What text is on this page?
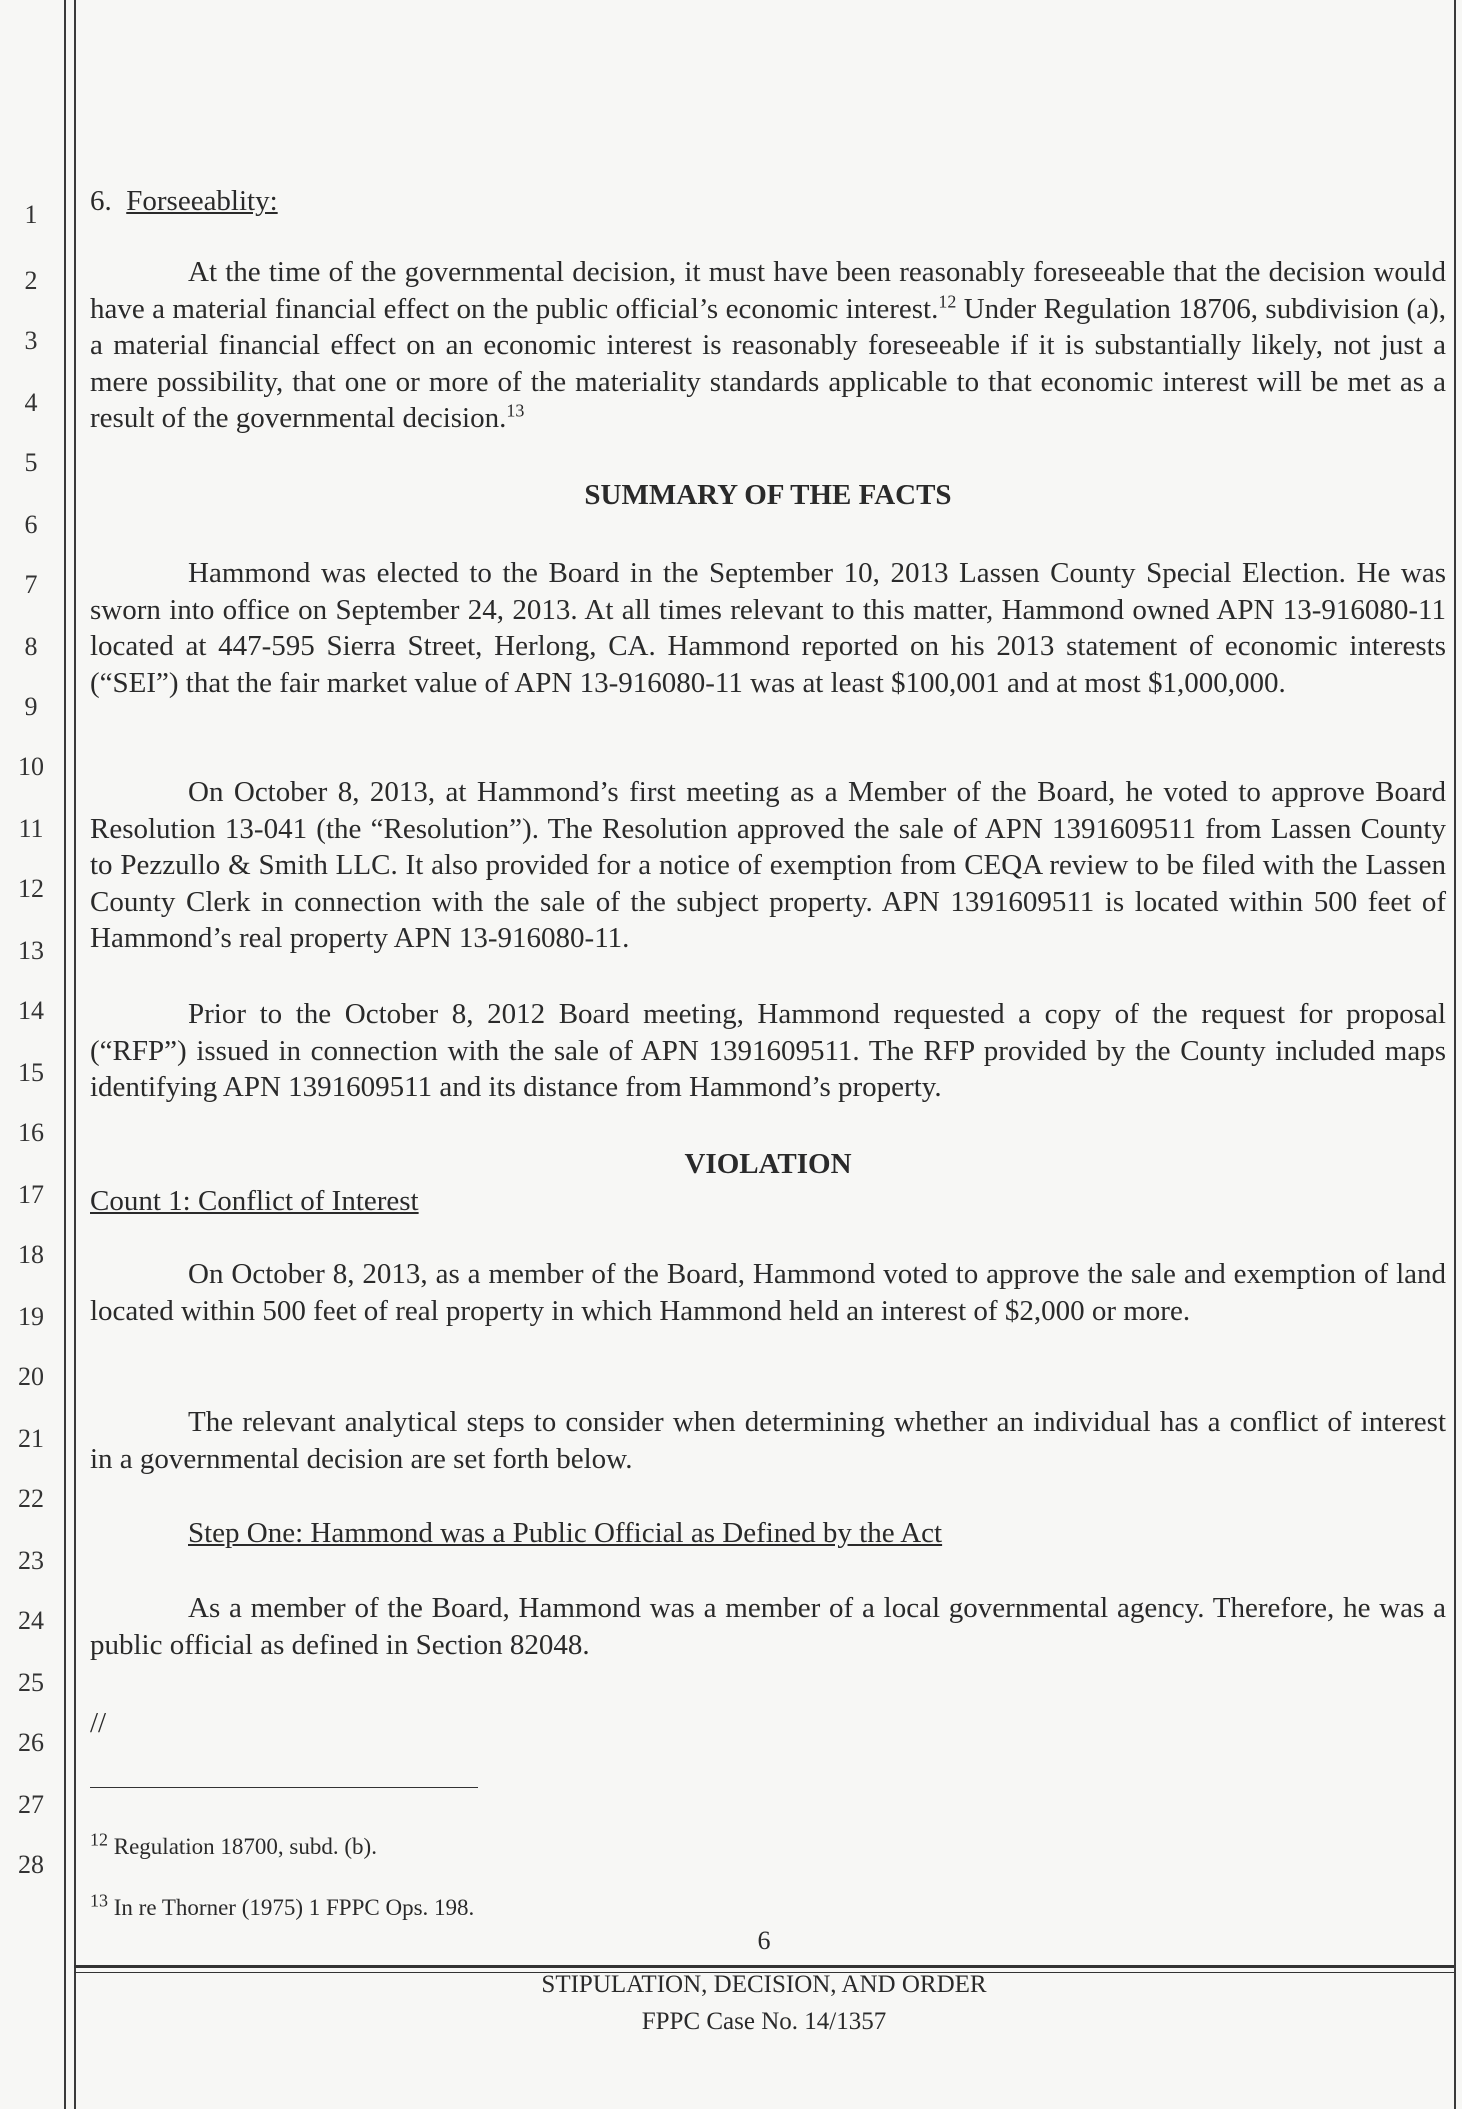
1
2
3
4
5
6
7
8
9
10
11
12
13
14
15
16
17
18
19
20
21
22
23
24
25
26
27
28
6. Forseeablity:

At the time of the governmental decision, it must have been reasonably foreseeable that the decision would have a material financial effect on the public official’s economic interest.$^{12}$ Under Regulation 18706, subdivision (a), a material financial effect on an economic interest is reasonably foreseeable if it is substantially likely, not just a mere possibility, that one or more of the materiality standards applicable to that economic interest will be met as a result of the governmental decision.$^{13}$

SUMMARY OF THE FACTS

Hammond was elected to the Board in the September 10, 2013 Lassen County Special Election. He was sworn into office on September 24, 2013. At all times relevant to this matter, Hammond owned APN 13-916080-11 located at 447-595 Sierra Street, Herlong, CA. Hammond reported on his 2013 statement of economic interests (“SEI”) that the fair market value of APN 13-916080-11 was at least $100,001 and at most $1,000,000.

On October 8, 2013, at Hammond’s first meeting as a Member of the Board, he voted to approve Board Resolution 13-041 (the “Resolution”). The Resolution approved the sale of APN 1391609511 from Lassen County to Pezzullo & Smith LLC. It also provided for a notice of exemption from CEQA review to be filed with the Lassen County Clerk in connection with the sale of the subject property. APN 1391609511 is located within 500 feet of Hammond’s real property APN 13-916080-11.

Prior to the October 8, 2012 Board meeting, Hammond requested a copy of the request for proposal (“RFP”) issued in connection with the sale of APN 1391609511. The RFP provided by the County included maps identifying APN 1391609511 and its distance from Hammond’s property.

VIOLATION
Count 1: Conflict of Interest

On October 8, 2013, as a member of the Board, Hammond voted to approve the sale and exemption of land located within 500 feet of real property in which Hammond held an interest of $2,000 or more.

The relevant analytical steps to consider when determining whether an individual has a conflict of interest in a governmental decision are set forth below.

Step One: Hammond was a Public Official as Defined by the Act

As a member of the Board, Hammond was a member of a local governmental agency. Therefore, he was a public official as defined in Section 82048.

//
$^{12}$ Regulation 18700, subd. (b).
$^{13}$ In re Thorner (1975) 1 FPPC Ops. 198.
6
STIPULATION, DECISION, AND ORDER
FPPC Case No. 14/1357
